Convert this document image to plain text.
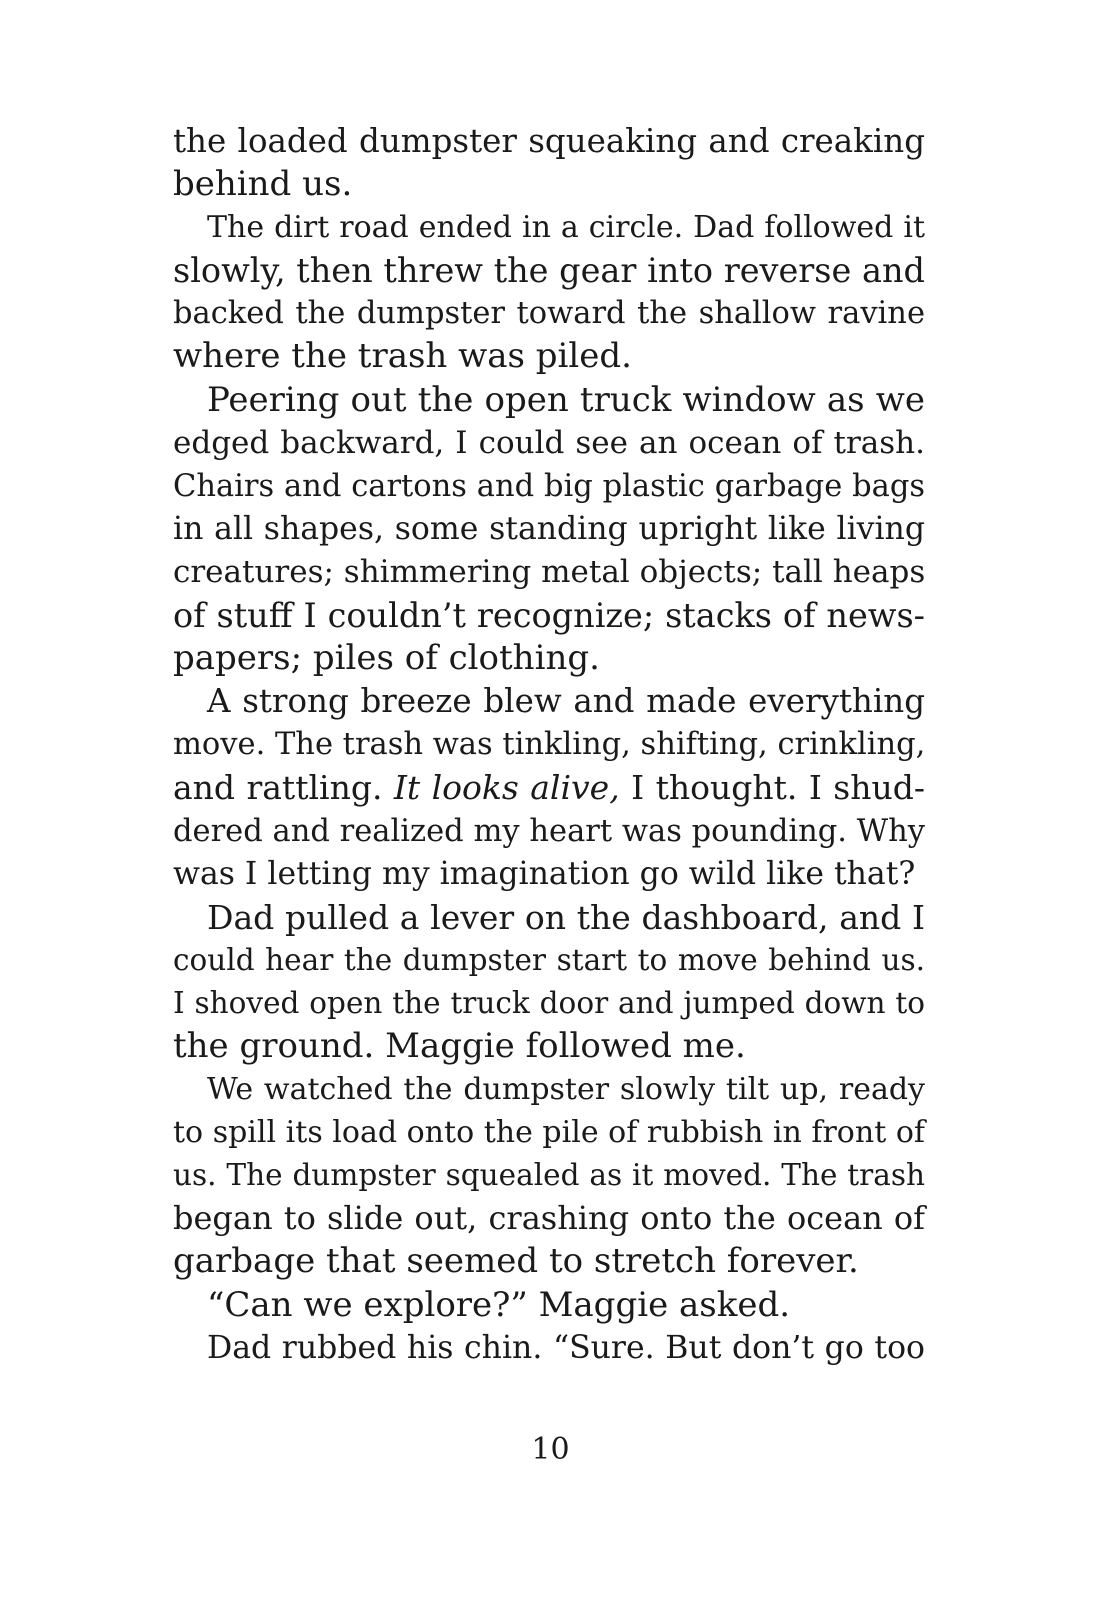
the loaded dumpster squeaking and creaking
behind us.
The dirt road ended in a circle. Dad followed it
slowly, then threw the gear into reverse and
backed the dumpster toward the shallow ravine
where the trash was piled.
Peering out the open truck window as we
edged backward, I could see an ocean of trash.
Chairs and cartons and big plastic garbage bags
in all shapes, some standing upright like living
creatures; shimmering metal objects; tall heaps
of stuff I couldn’t recognize; stacks of news-
papers; piles of clothing.
A strong breeze blew and made everything
move. The trash was tinkling, shifting, crinkling,
and rattling. It looks alive, I thought. I shud-
dered and realized my heart was pounding. Why
was I letting my imagination go wild like that?
Dad pulled a lever on the dashboard, and I
could hear the dumpster start to move behind us.
I shoved open the truck door and jumped down to
the ground. Maggie followed me.
We watched the dumpster slowly tilt up, ready
to spill its load onto the pile of rubbish in front of
us. The dumpster squealed as it moved. The trash
began to slide out, crashing onto the ocean of
garbage that seemed to stretch forever.
“Can we explore?” Maggie asked.
Dad rubbed his chin. “Sure. But don’t go too
10
